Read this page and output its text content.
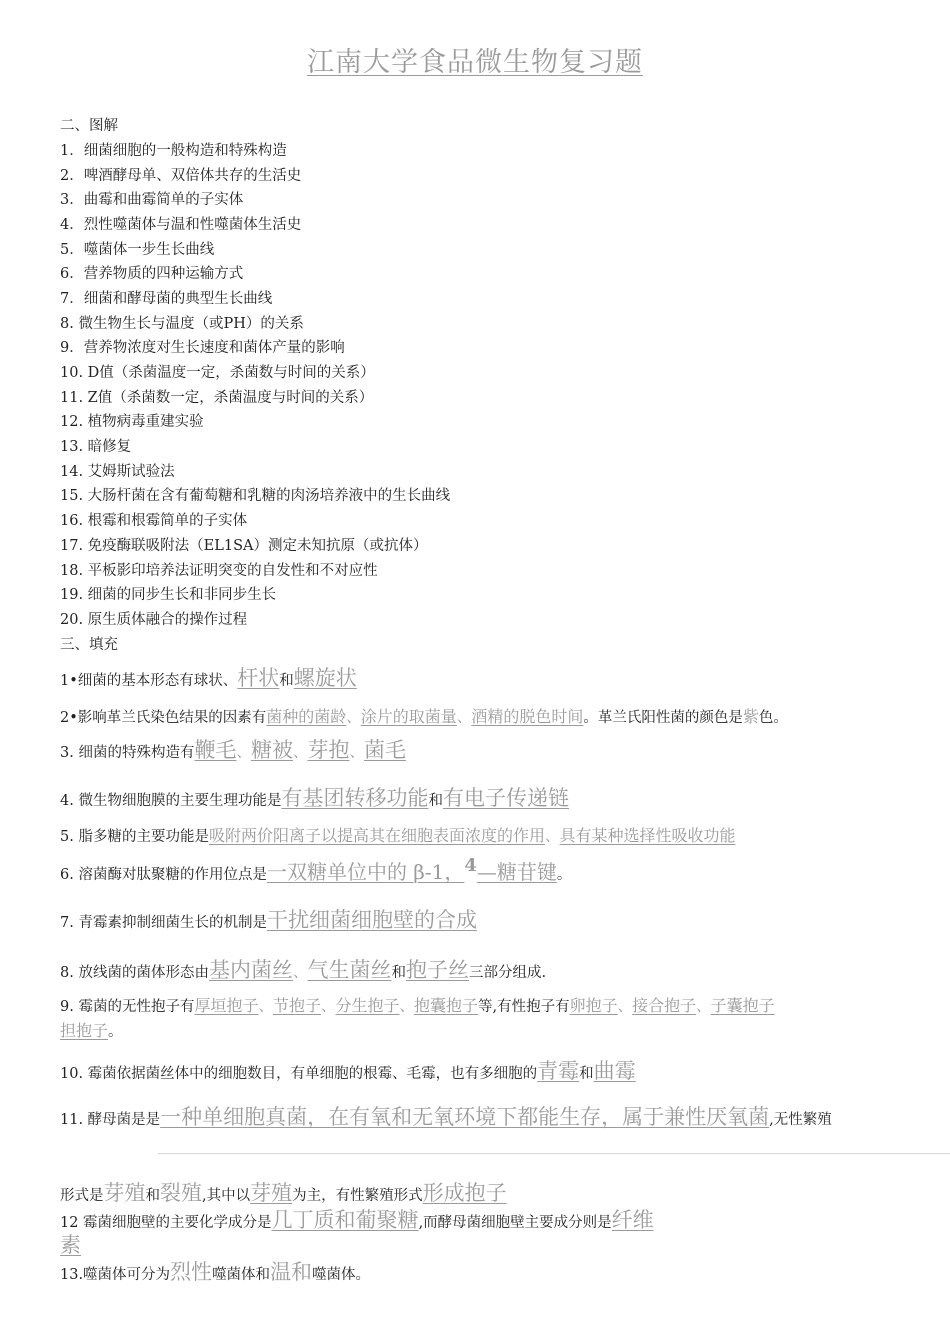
江南大学食品微生物复习题
二、图解
1．细菌细胞的一般构造和特殊构造
2．啤酒酵母单、双倍体共存的生活史
3．曲霉和曲霉简单的子实体
4．烈性噬菌体与温和性噬菌体生活史
5．噬菌体一步生长曲线
6．营养物质的四种运输方式
7．细菌和酵母菌的典型生长曲线
8. 微生物生长与温度（或PH）的关系
9．营养物浓度对生长速度和菌体产量的影响
10. D值（杀菌温度一定，杀菌数与时间的关系）
11. Z值（杀菌数一定，杀菌温度与时间的关系）
12. 植物病毒重建实验
13. 暗修复
14. 艾姆斯试验法
15. 大肠杆菌在含有葡萄糖和乳糖的肉汤培养液中的生长曲线
16. 根霉和根霉简单的子实体
17. 免疫酶联吸附法（EL1SA）测定未知抗原（或抗体）
18. 平板影印培养法证明突变的自发性和不对应性
19. 细菌的同步生长和非同步生长
20. 原生质体融合的操作过程
三、填充
1•细菌的基本形态有球状、杆状和螺旋状
2•影响革兰氏染色结果的因素有菌种的菌龄、涂片的取菌量、酒精的脱色时间。革兰氏阳性菌的颜色是紫色。
3. 细菌的特殊构造有鞭毛、糖被、芽抱、菌毛
4. 微生物细胞膜的主要生理功能是有基团转移功能和有电子传递链
5. 脂多糖的主要功能是吸附两价阳离子以提高其在细胞表面浓度的作用、具有某种选择性吸收功能
6. 溶菌酶对肽聚糖的作用位点是一双糖单位中的 β-1，4—糖苷键。
7. 青霉素抑制细菌生长的机制是干扰细菌细胞壁的合成
8. 放线菌的菌体形态由基内菌丝、气生菌丝和抱子丝三部分组成.
9. 霉菌的无性抱子有厚垣抱子、节抱子、分生抱子、抱囊抱子等,有性抱子有卵抱子、接合抱子、子囊抱子
担抱子。
10. 霉菌依据菌丝体中的细胞数目，有单细胞的根霉、毛霉，也有多细胞的青霉和曲霉
11. 酵母菌是是一种单细胞真菌，在有氧和无氧环境下都能生存，属于兼性厌氧菌,无性繁殖
形式是芽殖和裂殖,其中以芽殖为主，有性繁殖形式形成抱子
12 霉菌细胞壁的主要化学成分是几丁质和葡聚糖,而酵母菌细胞壁主要成分则是纤维
素
13.噬菌体可分为烈性噬菌体和温和噬菌体。
